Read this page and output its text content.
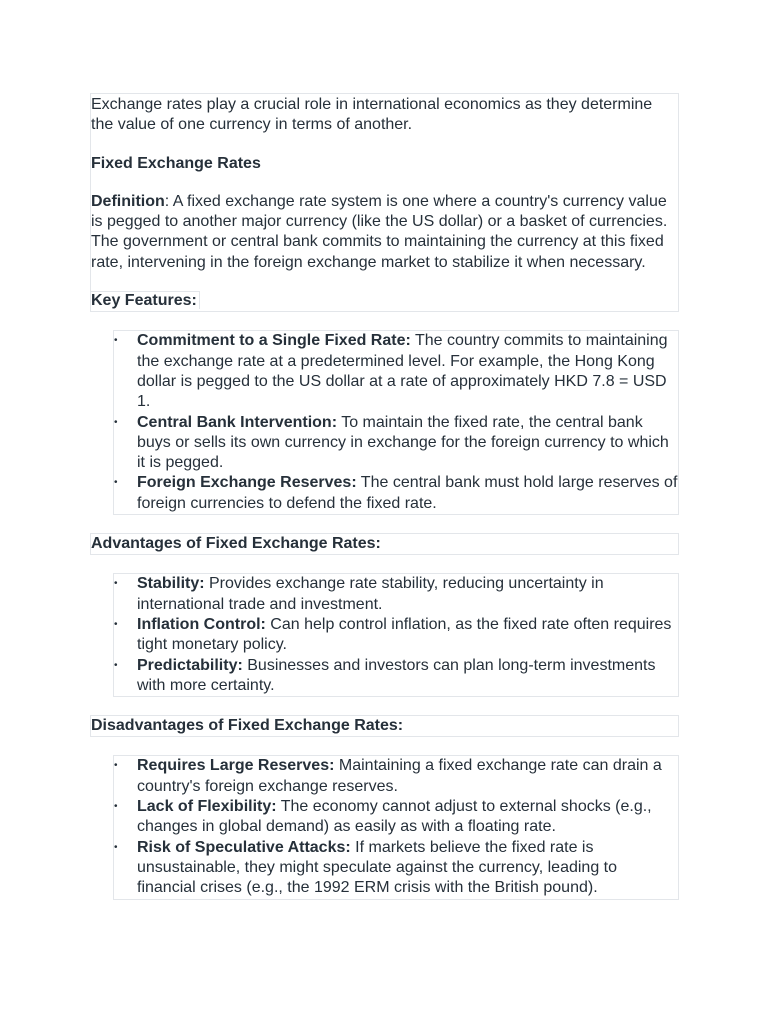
Exchange rates play a crucial role in international economics as they determine the value of one currency in terms of another.

Fixed Exchange Rates

Definition: A fixed exchange rate system is one where a country's currency value is pegged to another major currency (like the US dollar) or a basket of currencies. The government or central bank commits to maintaining the currency at this fixed rate, intervening in the foreign exchange market to stabilize it when necessary.

Key Features:

• Commitment to a Single Fixed Rate: The country commits to maintaining the exchange rate at a predetermined level. For example, the Hong Kong dollar is pegged to the US dollar at a rate of approximately HKD 7.8 = USD 1.
• Central Bank Intervention: To maintain the fixed rate, the central bank buys or sells its own currency in exchange for the foreign currency to which it is pegged.
• Foreign Exchange Reserves: The central bank must hold large reserves of foreign currencies to defend the fixed rate.

Advantages of Fixed Exchange Rates:

• Stability: Provides exchange rate stability, reducing uncertainty in international trade and investment.
• Inflation Control: Can help control inflation, as the fixed rate often requires tight monetary policy.
• Predictability: Businesses and investors can plan long-term investments with more certainty.

Disadvantages of Fixed Exchange Rates:

• Requires Large Reserves: Maintaining a fixed exchange rate can drain a country's foreign exchange reserves.
• Lack of Flexibility: The economy cannot adjust to external shocks (e.g., changes in global demand) as easily as with a floating rate.
• Risk of Speculative Attacks: If markets believe the fixed rate is unsustainable, they might speculate against the currency, leading to financial crises (e.g., the 1992 ERM crisis with the British pound).
